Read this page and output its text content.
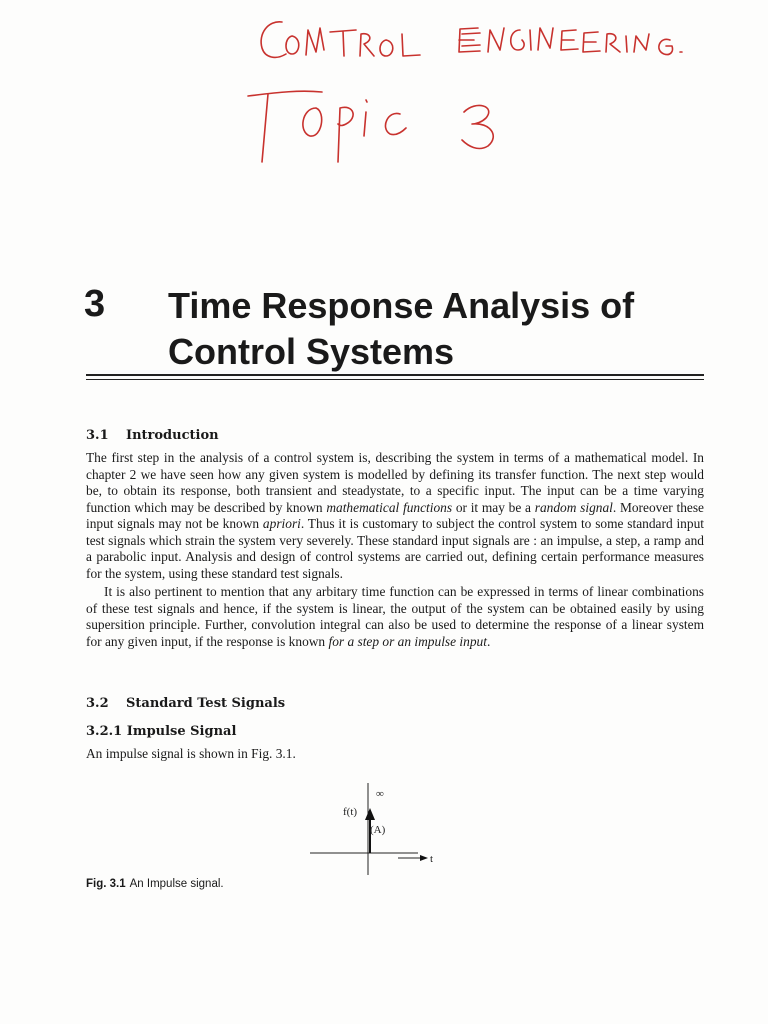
3 Time Response Analysis of
Control Systems
3.1 Introduction

The first step in the analysis of a control system is, describing the system in terms of a mathematical model. In chapter 2 we have seen how any given system is modelled by defining its transfer function. The next step would be, to obtain its response, both transient and steadystate, to a specific input. The input can be a time varying function which may be described by known mathematical functions or it may be a random signal. Moreover these input signals may not be known apriori. Thus it is customary to subject the control system to some standard input test signals which strain the system very severely. These standard input signals are : an impulse, a step, a ramp and a parabolic input. Analysis and design of control systems are carried out, defining certain performance measures for the system, using these standard test signals.

It is also pertinent to mention that any arbitary time function can be expressed in terms of linear combinations of these test signals and hence, if the system is linear, the output of the system can be obtained easily by using supersition principle. Further, convolution integral can also be used to determine the response of a linear system for any given input, if the response is known for a step or an impulse input.

3.2 Standard Test Signals
3.2.1 Impulse Signal
An impulse signal is shown in Fig. 3.1.
∞
f(t)
(A)
t
Fig. 3.1 An Impulse signal.
